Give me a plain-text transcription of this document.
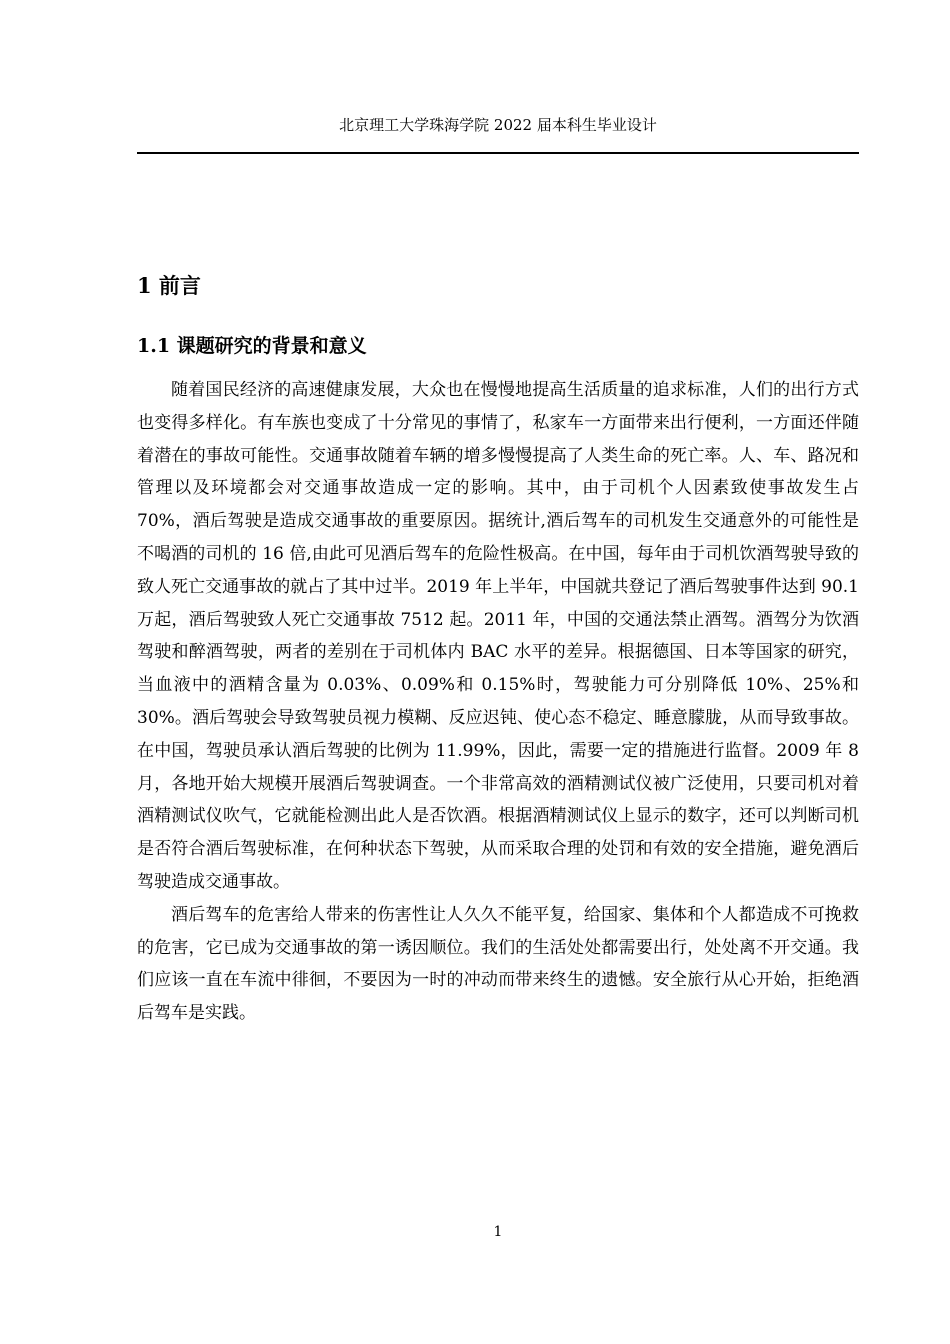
北京理工大学珠海学院 2022 届本科生毕业设计
1 前言
1.1 课题研究的背景和意义

随着国民经济的高速健康发展，大众也在慢慢地提高生活质量的追求标准，人们的出行方式也变得多样化。有车族也变成了十分常见的事情了，私家车一方面带来出行便利，一方面还伴随着潜在的事故可能性。交通事故随着车辆的增多慢慢提高了人类生命的死亡率。人、车、路况和管理以及环境都会对交通事故造成一定的影响。其中，由于司机个人因素致使事故发生占 70%，酒后驾驶是造成交通事故的重要原因。据统计,酒后驾车的司机发生交通意外的可能性是不喝酒的司机的 16 倍,由此可见酒后驾车的危险性极高。在中国，每年由于司机饮酒驾驶导致的致人死亡交通事故的就占了其中过半。2019 年上半年，中国就共登记了酒后驾驶事件达到 90.1 万起，酒后驾驶致人死亡交通事故 7512 起。2011 年，中国的交通法禁止酒驾。酒驾分为饮酒驾驶和醉酒驾驶，两者的差别在于司机体内 BAC 水平的差异。根据德国、日本等国家的研究，当血液中的酒精含量为 0.03%、0.09%和 0.15%时，驾驶能力可分别降低 10%、25%和 30%。酒后驾驶会导致驾驶员视力模糊、反应迟钝、使心态不稳定、睡意朦胧，从而导致事故。在中国，驾驶员承认酒后驾驶的比例为 11.99%，因此，需要一定的措施进行监督。2009 年 8 月，各地开始大规模开展酒后驾驶调查。一个非常高效的酒精测试仪被广泛使用，只要司机对着酒精测试仪吹气，它就能检测出此人是否饮酒。根据酒精测试仪上显示的数字，还可以判断司机是否符合酒后驾驶标准，在何种状态下驾驶，从而采取合理的处罚和有效的安全措施，避免酒后驾驶造成交通事故。

酒后驾车的危害给人带来的伤害性让人久久不能平复，给国家、集体和个人都造成不可挽救的危害，它已成为交通事故的第一诱因顺位。我们的生活处处都需要出行，处处离不开交通。我们应该一直在车流中徘徊，不要因为一时的冲动而带来终生的遗憾。安全旅行从心开始，拒绝酒后驾车是实践。

1
